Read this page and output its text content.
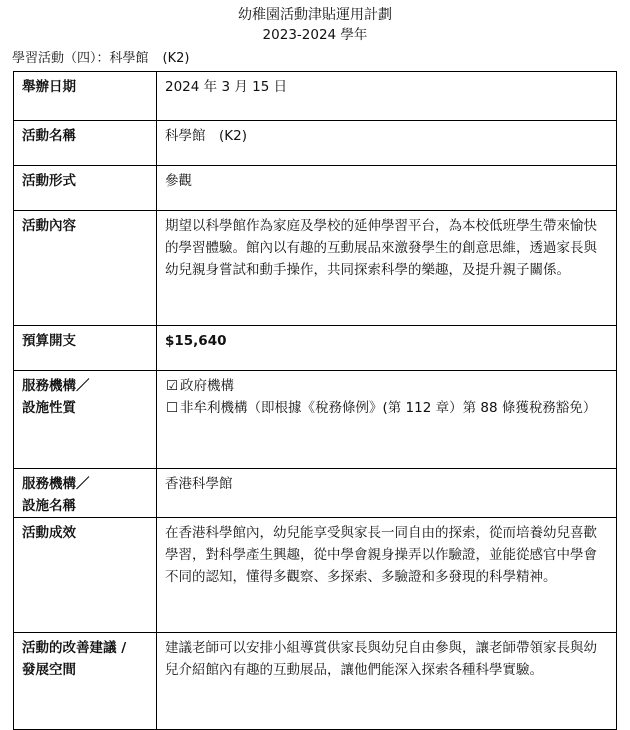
幼稚園活動津貼運用計劃
2023-2024 學年
學習活動（四）：科學館 (K2)
舉辦日期	2024 年 3 月 15 日
活動名稱	科學館　(K2)
活動形式	參觀
活動內容	期望以科學館作為家庭及學校的延伸學習平台，為本校低班學生帶來愉快的學習體驗。館內以有趣的互動展品來激發學生的創意思維，透過家長與幼兒親身嘗試和動手操作，共同探索科學的樂趣，及提升親子關係。
預算開支	$15,640

服務機構／
設施性質	☑ 政府機構
☐ 非牟利機構（即根據《稅務條例》(第 112 章）第 88 條獲稅務豁免）

服務機構／
設施名稱	香港科學館
活動成效	在香港科學館內，幼兒能享受與家長一同自由的探索，從而培養幼兒喜歡學習，對科學產生興趣，從中學會親身操弄以作驗證，並能從感官中學會不同的認知，懂得多觀察、多探索、多驗證和多發現的科學精神。

活動的改善建議 /
發展空間	建議老師可以安排小組導賞供家長與幼兒自由參與，讓老師帶領家長與幼兒介紹館內有趣的互動展品，讓他們能深入探索各種科學實驗。
